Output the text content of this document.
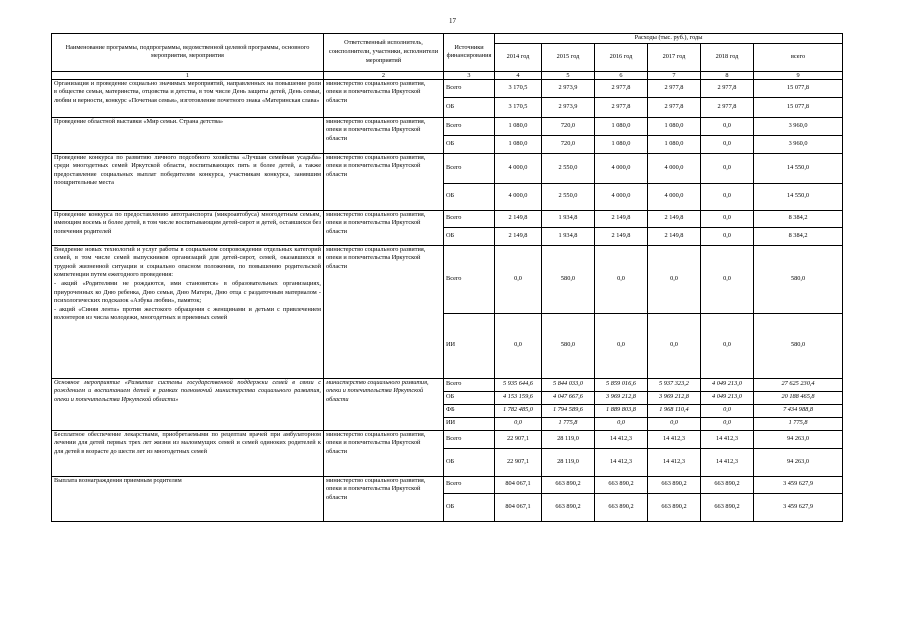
17
Наименование программы, подпрограммы, ведомственной целевой программы, основного мероприятия, мероприятия	Ответственный исполнитель, соисполнители, участники, исполнители мероприятий	Источники финансирования	Расходы (тыс. руб.), годы					
			2014 год	2015 год	2016 год	2017 год	2018 год	всего
1	2	3	4	5	6	7	8	9
Организация и проведение социально значимых мероприятий, направленных на повышение роли в обществе семьи, материнства, отцовства и детства, в том числе День защиты детей, День семьи, любви и верности, конкурс «Почетная семья», изготовление почетного знака «Материнская слава»	министерство социального развития, опеки и попечительства Иркутской области	Всего	3 170,5	2 973,9	2 977,8	2 977,8	2 977,8	15 077,8
		ОБ	3 170,5	2 973,9	2 977,8	2 977,8	2 977,8	15 077,8
Проведение областной выставки «Мир семьи. Страна детства»	министерство социального развития, опеки и попечительства Иркутской области	Всего	1 080,0	720,0	1 080,0	1 080,0	0,0	3 960,0
		ОБ	1 080,0	720,0	1 080,0	1 080,0	0,0	3 960,0
Проведение конкурса по развитию личного подсобного хозяйства «Лучшая семейная усадьба» среди многодетных семей Иркутской области, воспитывающих пять и более детей, а также предоставление социальных выплат победителям конкурса, участникам конкурса, занявшим поощрительные места	министерство социального развития, опеки и попечительства Иркутской области	Всего	4 000,0	2 550,0	4 000,0	4 000,0	0,0	14 550,0
		ОБ	4 000,0	2 550,0	4 000,0	4 000,0	0,0	14 550,0
Проведение конкурса по предоставлению автотранспорта (микроавтобуса) многодетным семьям, имеющим восемь и более детей, в том числе воспитывающим детей-сирот и детей, оставшихся без попечения родителей	министерство социального развития, опеки и попечительства Иркутской области	Всего	2 149,8	1 934,8	2 149,8	2 149,8	0,0	8 384,2
		ОБ	2 149,8	1 934,8	2 149,8	2 149,8	0,0	8 384,2
Внедрение новых технологий и услуг работы в социальном сопровождении отдельных категорий семей, в том числе семей выпускников организаций для детей-сирот, семей, оказавшихся в трудной жизненной ситуации и социально опасном положении, по повышению родительской компетенции путем ежегодного проведения:
- акций «Родителями не рождаются, ими становятся» в образовательных организациях, приуроченных ко Дню ребенка, Дню семьи, Дню Матери, Дню отца с раздаточным материалом - психологических подсказок «Азбука любви», памяток;
- акций «Синяя лента» против жестокого обращения с женщинами и детьми с привлечением волонтеров из числа молодежи, многодетных и приемных семей	министерство социального развития, опеки и попечительства Иркутской области	Всего	0,0	580,0	0,0	0,0	0,0	580,0
		ИИ	0,0	580,0	0,0	0,0	0,0	580,0
Основное мероприятие «Развитие системы государственной поддержки семей в связи с рождением и воспитанием детей в рамках полномочий министерства социального развития, опеки и попечительства Иркутской области»	министерство социального развития, опеки и попечительства Иркутской области	Всего	5 935 644,6	5 844 033,0	5 859 016,6	5 937 323,2	4 049 213,0	27 625 230,4
		ОБ	4 153 159,6	4 047 667,6	3 969 212,8	3 969 212,8	4 049 213,0	20 188 465,8
		ФБ	1 782 485,0	1 794 589,6	1 889 803,8	1 968 110,4	0,0	7 434 988,8
		ИИ	0,0	1 775,8	0,0	0,0	0,0	1 775,8
Бесплатное обеспечение лекарствами, приобретаемыми по рецептам врачей при амбулаторном лечении для детей первых трех лет жизни из малоимущих семей и семей одиноких родителей к для детей в возрасте до шести лет из многодетных семей	министерство социального развития, опеки и попечительства Иркутской области	Всего	22 907,1	28 119,0	14 412,3	14 412,3	14 412,3	94 263,0
		ОБ	22 907,1	28 119,0	14 412,3	14 412,3	14 412,3	94 263,0
Выплата вознаграждения приемным родителям	министерство социального развития, опеки и попечительства Иркутской области	Всего	804 067,1	663 890,2	663 890,2	663 890,2	663 890,2	3 459 627,9
		ОБ	804 067,1	663 890,2	663 890,2	663 890,2	663 890,2	3 459 627,9
